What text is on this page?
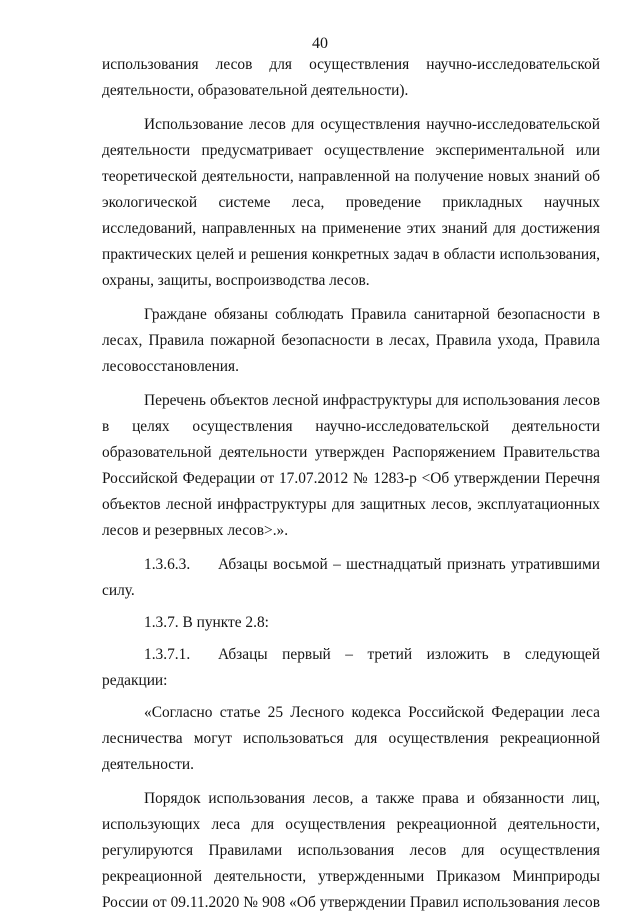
40

использования лесов для осуществления научно-исследовательской деятельности, образовательной деятельности).

Использование лесов для осуществления научно-исследовательской деятельности предусматривает осуществление экспериментальной или теоретической деятельности, направленной на получение новых знаний об экологической системе леса, проведение прикладных научных исследований, направленных на применение этих знаний для достижения практических целей и решения конкретных задач в области использования, охраны, защиты, воспроизводства лесов.

Граждане обязаны соблюдать Правила санитарной безопасности в лесах, Правила пожарной безопасности в лесах, Правила ухода, Правила лесовосстановления.

Перечень объектов лесной инфраструктуры для использования лесов в целях осуществления научно-исследовательской деятельности образовательной деятельности утвержден Распоряжением Правительства Российской Федерации от 17.07.2012 № 1283-р <Об утверждении Перечня объектов лесной инфраструктуры для защитных лесов, эксплуатационных лесов и резервных лесов>.».

1.3.6.3. Абзацы восьмой – шестнадцатый признать утратившими силу.

1.3.7. В пункте 2.8:

1.3.7.1. Абзацы первый – третий изложить в следующей редакции:

«Согласно статье 25 Лесного кодекса Российской Федерации леса лесничества могут использоваться для осуществления рекреационной деятельности.

Порядок использования лесов, а также права и обязанности лиц, использующих леса для осуществления рекреационной деятельности, регулируются Правилами использования лесов для осуществления рекреационной деятельности, утвержденными Приказом Минприроды России от 09.11.2020 № 908 «Об утверждении Правил использования лесов
